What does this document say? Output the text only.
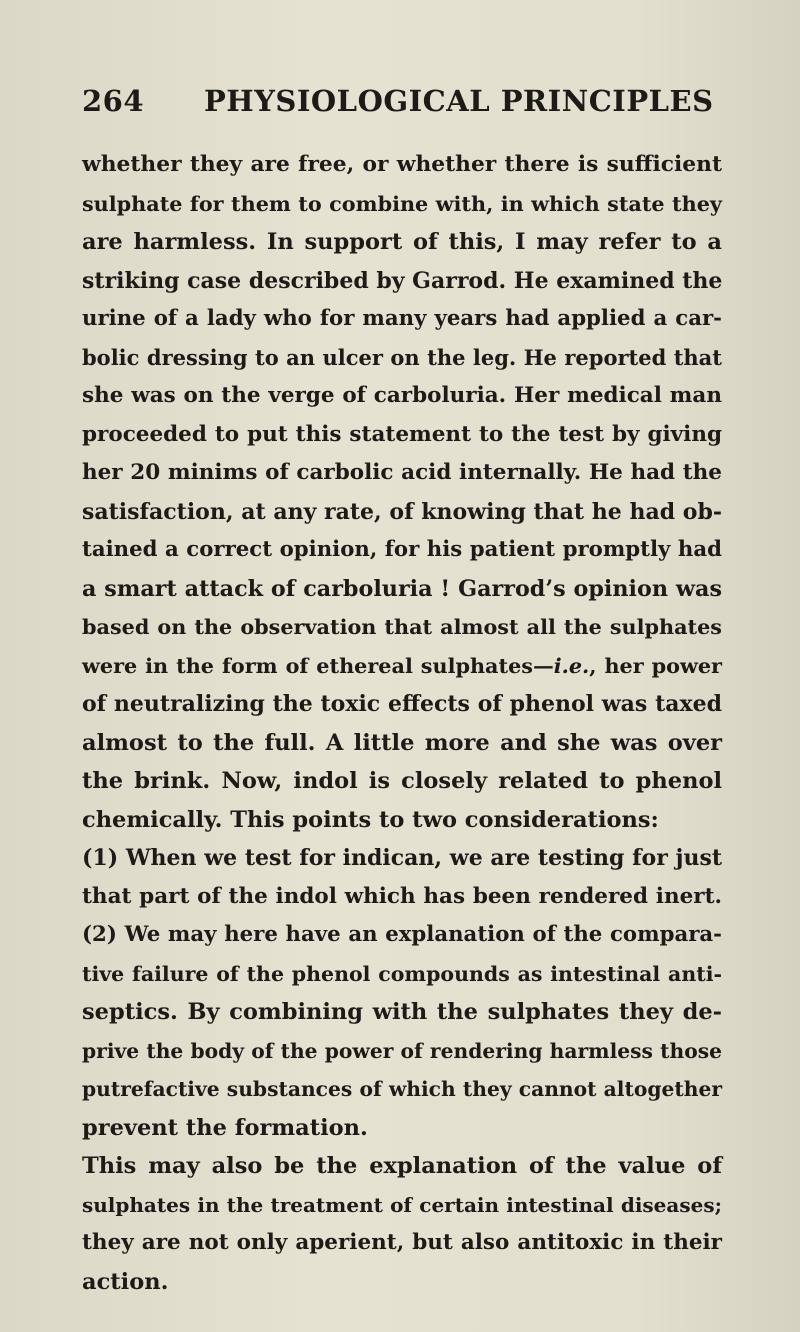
264 PHYSIOLOGICAL PRINCIPLES
whether they are free, or whether there is sufficient
sulphate for them to combine with, in which state they
are harmless. In support of this, I may refer to a
striking case described by Garrod. He examined the
urine of a lady who for many years had applied a car-
bolic dressing to an ulcer on the leg. He reported that
she was on the verge of carboluria. Her medical man
proceeded to put this statement to the test by giving
her 20 minims of carbolic acid internally. He had the
satisfaction, at any rate, of knowing that he had ob-
tained a correct opinion, for his patient promptly had
a smart attack of carboluria ! Garrod’s opinion was
based on the observation that almost all the sulphates
were in the form of ethereal sulphates—i.e., her power
of neutralizing the toxic effects of phenol was taxed
almost to the full. A little more and she was over
the brink. Now, indol is closely related to phenol
chemically. This points to two considerations:
(1) When we test for indican, we are testing for just
that part of the indol which has been rendered inert.
(2) We may here have an explanation of the compara-
tive failure of the phenol compounds as intestinal anti-
septics. By combining with the sulphates they de-
prive the body of the power of rendering harmless those
putrefactive substances of which they cannot altogether
prevent the formation.
This may also be the explanation of the value of
sulphates in the treatment of certain intestinal diseases;
they are not only aperient, but also antitoxic in their
action.
